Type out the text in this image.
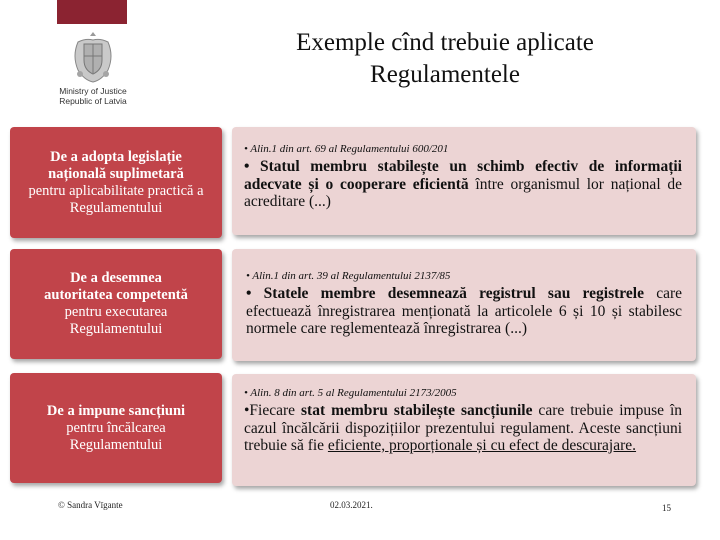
Ministry of Justice
Republic of Latvia
Exemple cînd trebuie aplicate
Regulamentele
De a adopta legislație
națională suplimetară
pentru aplicabilitate practică a Regulamentului
• Alin.1 din art. 69 al Regulamentului 600/201
• Statul membru stabilește un schimb efectiv de informații adecvate și o cooperare eficientă între organismul lor național de acreditare (...)
De a desemnea
autoritatea competentă
pentru executarea Regulamentului
• Alin.1 din art. 39 al Regulamentului 2137/85
• Statele membre desemnează registrul sau registrele care efectuează înregistrarea menționată la articolele 6 și 10 și stabilesc normele care reglementează înregistrarea (...)
De a impune sancțiuni
pentru încălcarea Regulamentului
• Alin. 8 din art. 5 al Regulamentului 2173/2005
•Fiecare stat membru stabilește sancțiunile care trebuie impuse în cazul încălcării dispozițiilor prezentului regulament. Aceste sancțiuni trebuie să fie eficiente, proporționale și cu efect de descurajare.
© Sandra Vīgante	02.03.2021.	15
